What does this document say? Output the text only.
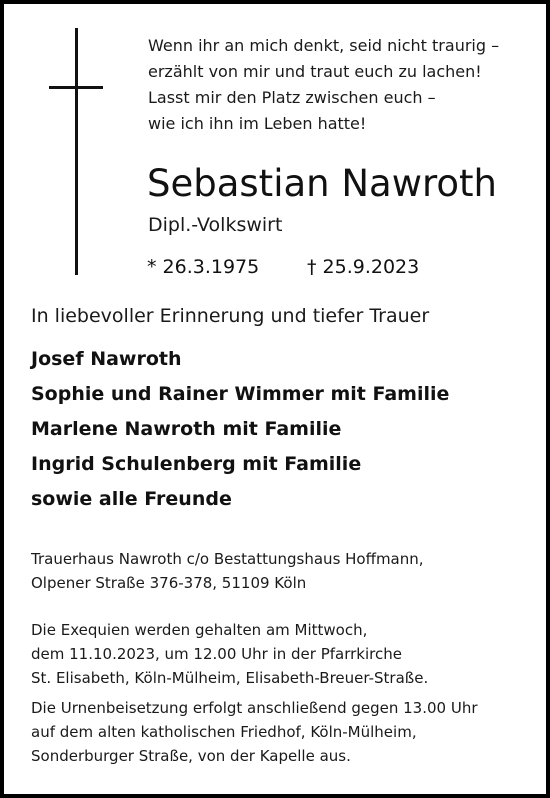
Wenn ihr an mich denkt, seid nicht traurig –
erzählt von mir und traut euch zu lachen!
Lasst mir den Platz zwischen euch –
wie ich ihn im Leben hatte!
Sebastian Nawroth
Dipl.-Volkswirt
* 26.3.1975	† 25.9.2023
In liebevoller Erinnerung und tiefer Trauer
Josef Nawroth
Sophie und Rainer Wimmer mit Familie
Marlene Nawroth mit Familie
Ingrid Schulenberg mit Familie
sowie alle Freunde
Trauerhaus Nawroth c/o Bestattungshaus Hoffmann,
Olpener Straße 376-378, 51109 Köln
Die Exequien werden gehalten am Mittwoch,
dem 11.10.2023, um 12.00 Uhr in der Pfarrkirche
St. Elisabeth, Köln-Mülheim, Elisabeth-Breuer-Straße.
Die Urnenbeisetzung erfolgt anschließend gegen 13.00 Uhr
auf dem alten katholischen Friedhof, Köln-Mülheim,
Sonderburger Straße, von der Kapelle aus.
